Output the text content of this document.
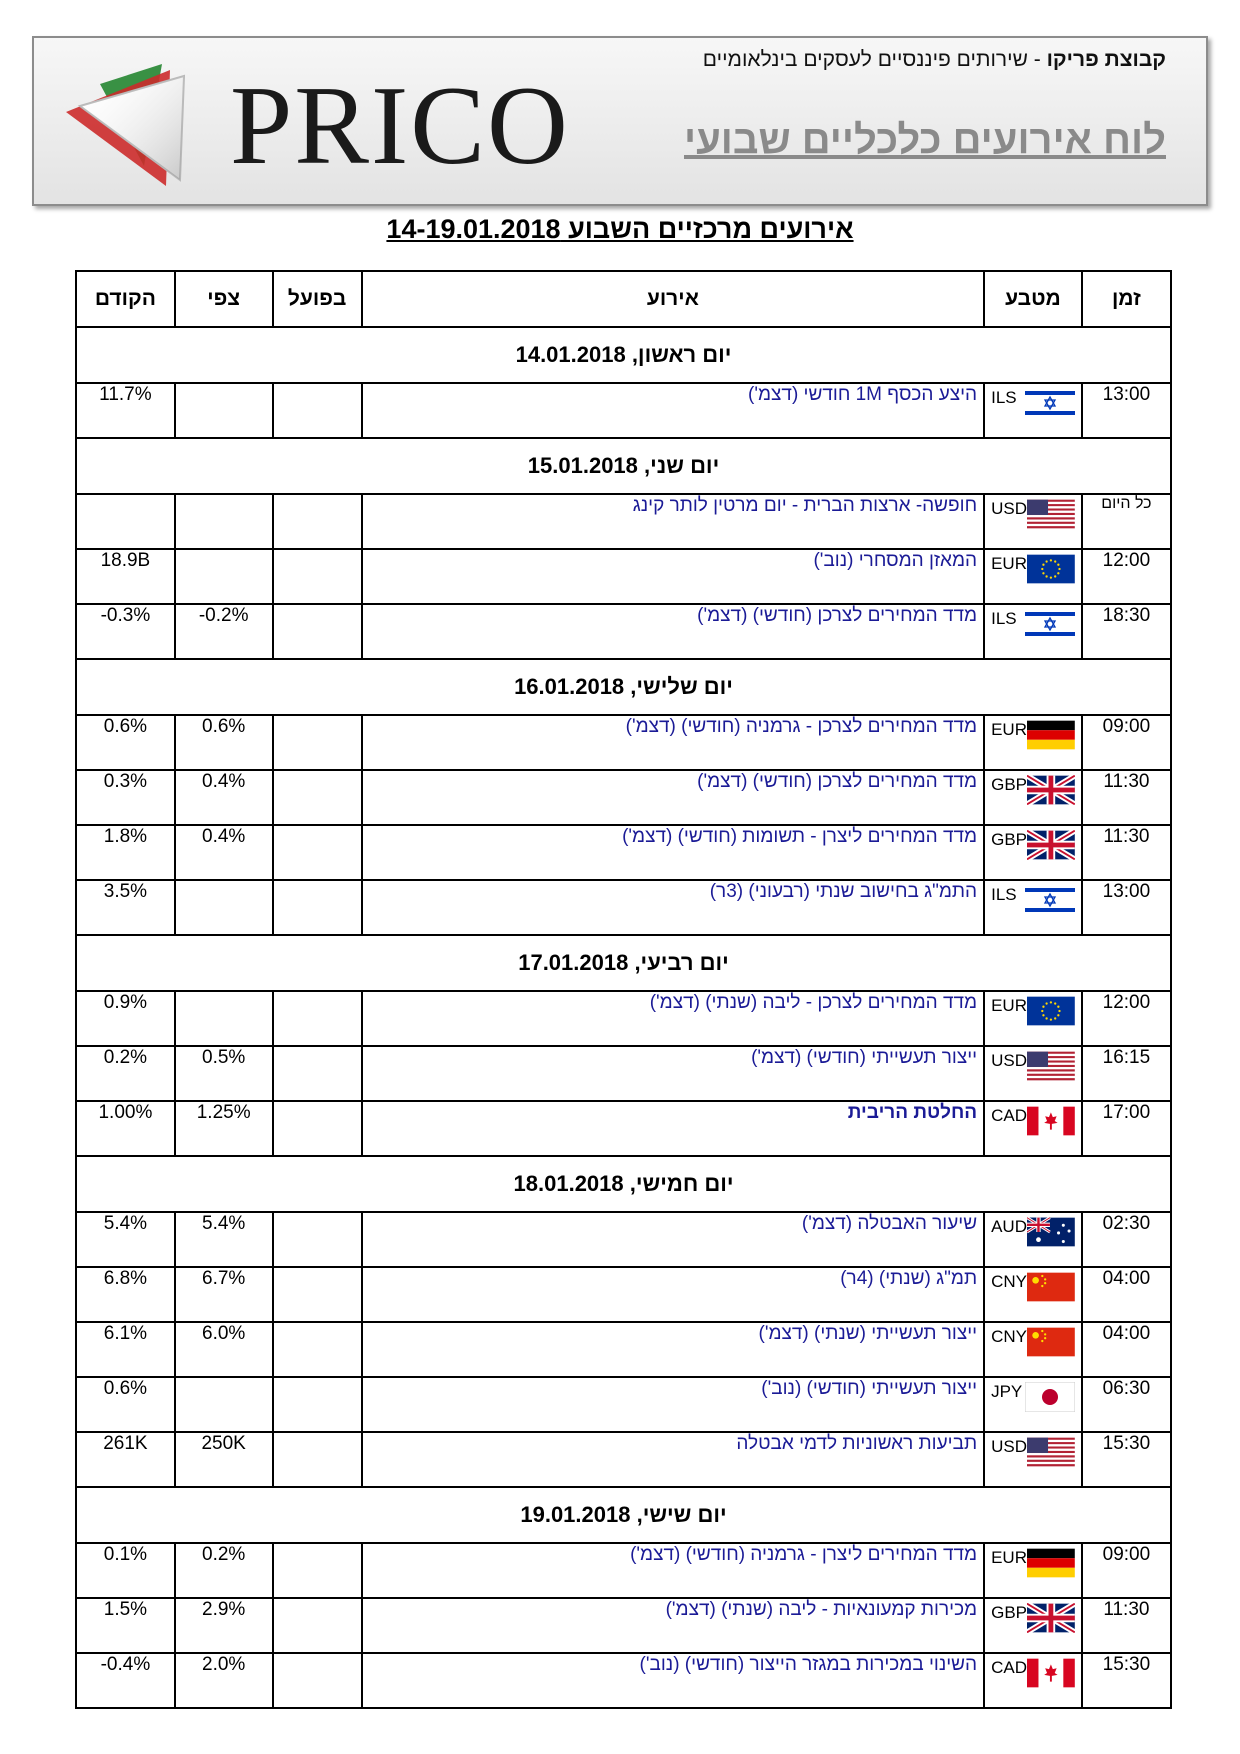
PRICO
קבוצת פריקו - שירותים פיננסיים לעסקים בינלאומיים
לוח אירועים כלכליים שבועי
אירועים מרכזיים השבוע 14-19.01.2018
זמן	מטבע	אירוע	בפועל	צפי	הקודם
יום ראשון, 14.01.2018					
13:00	ILS	היצע הכסף 1M חודשי (דצמ')			11.7%
יום שני, 15.01.2018					
כל היום	USD	חופשה- ארצות הברית - יום מרטין לותר קינג			
12:00	EUR	המאזן המסחרי (נוב')			18.9B
18:30	ILS	מדד המחירים לצרכן (חודשי) (דצמ')		-0.2%	-0.3%
יום שלישי, 16.01.2018					
09:00	EUR	מדד המחירים לצרכן - גרמניה (חודשי) (דצמ')		0.6%	0.6%
11:30	GBP	מדד המחירים לצרכן (חודשי) (דצמ')		0.4%	0.3%
11:30	GBP	מדד המחירים ליצרן - תשומות (חודשי) (דצמ')		0.4%	1.8%
13:00	ILS	התמ"ג בחישוב שנתי (רבעוני) (3ר)			3.5%
יום רביעי, 17.01.2018					
12:00	EUR	מדד המחירים לצרכן - ליבה (שנתי) (דצמ')			0.9%
16:15	USD	ייצור תעשייתי (חודשי) (דצמ')		0.5%	0.2%
17:00	CAD	החלטת הריבית		1.25%	1.00%
יום חמישי, 18.01.2018					
02:30	AUD	שיעור האבטלה (דצמ')		5.4%	5.4%
04:00	CNY	תמ"ג (שנתי) (4ר)		6.7%	6.8%
04:00	CNY	ייצור תעשייתי (שנתי) (דצמ')		6.0%	6.1%
06:30	JPY	ייצור תעשייתי (חודשי) (נוב')			0.6%
15:30	USD	תביעות ראשוניות לדמי אבטלה		250K	261K
יום שישי, 19.01.2018					
09:00	EUR	מדד המחירים ליצרן - גרמניה (חודשי) (דצמ')		0.2%	0.1%
11:30	GBP	מכירות קמעונאיות - ליבה (שנתי) (דצמ')		2.9%	1.5%
15:30	CAD	השינוי במכירות במגזר הייצור (חודשי) (נוב')		2.0%	-0.4%
